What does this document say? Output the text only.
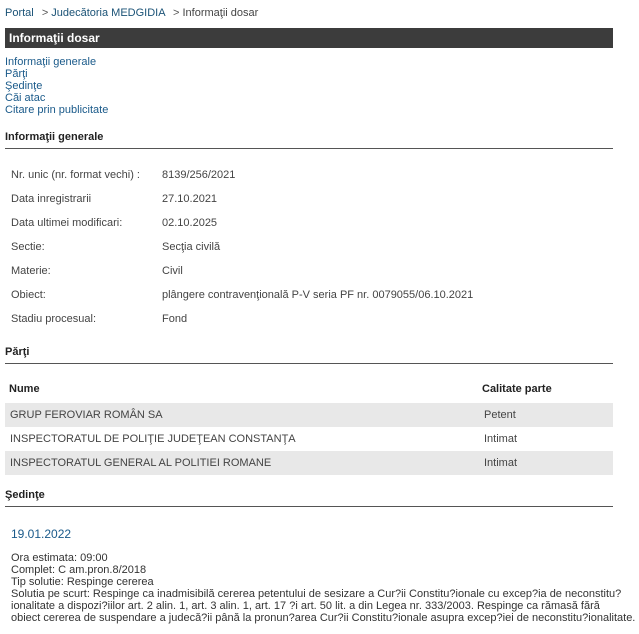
Portal > Judecătoria MEDGIDIA > Informaţii dosar
Informaţii dosar
Informaţii generale
Părţi
Şedinţe
Căi atac
Citare prin publicitate
Informaţii generale
Nr. unic (nr. format vechi) : 8139/256/2021
Data inregistrarii	27.10.2021
Data ultimei modificari:	02.10.2025
Sectie:	Secţia civilă
Materie:	Civil
Obiect:	plângere contravenţională P-V seria PF nr. 0079055/06.10.2021
Stadiu procesual:	Fond
Părţi
Nume	Calitate parte
GRUP FEROVIAR ROMÂN SA	Petent
INSPECTORATUL DE POLIŢIE JUDEŢEAN CONSTANŢA	Intimat
INSPECTORATUL GENERAL AL POLITIEI ROMANE	Intimat
Şedinţe
19.01.2022
Ora estimata: 09:00
Complet: C am.pron.8/2018
Tip solutie: Respinge cererea
Solutia pe scurt: Respinge ca inadmisibilă cererea petentului de sesizare a Cur?ii Constitu?ionale cu excep?ia de neconstitu?
ionalitate a dispozi?iilor art. 2 alin. 1, art. 3 alin. 1, art. 17 ?i art. 50 lit. a din Legea nr. 333/2003. Respinge ca rămasă fără
obiect cererea de suspendare a judecă?ii până la pronun?area Cur?ii Constitu?ionale asupra excep?iei de neconstitu?ionalitate.
